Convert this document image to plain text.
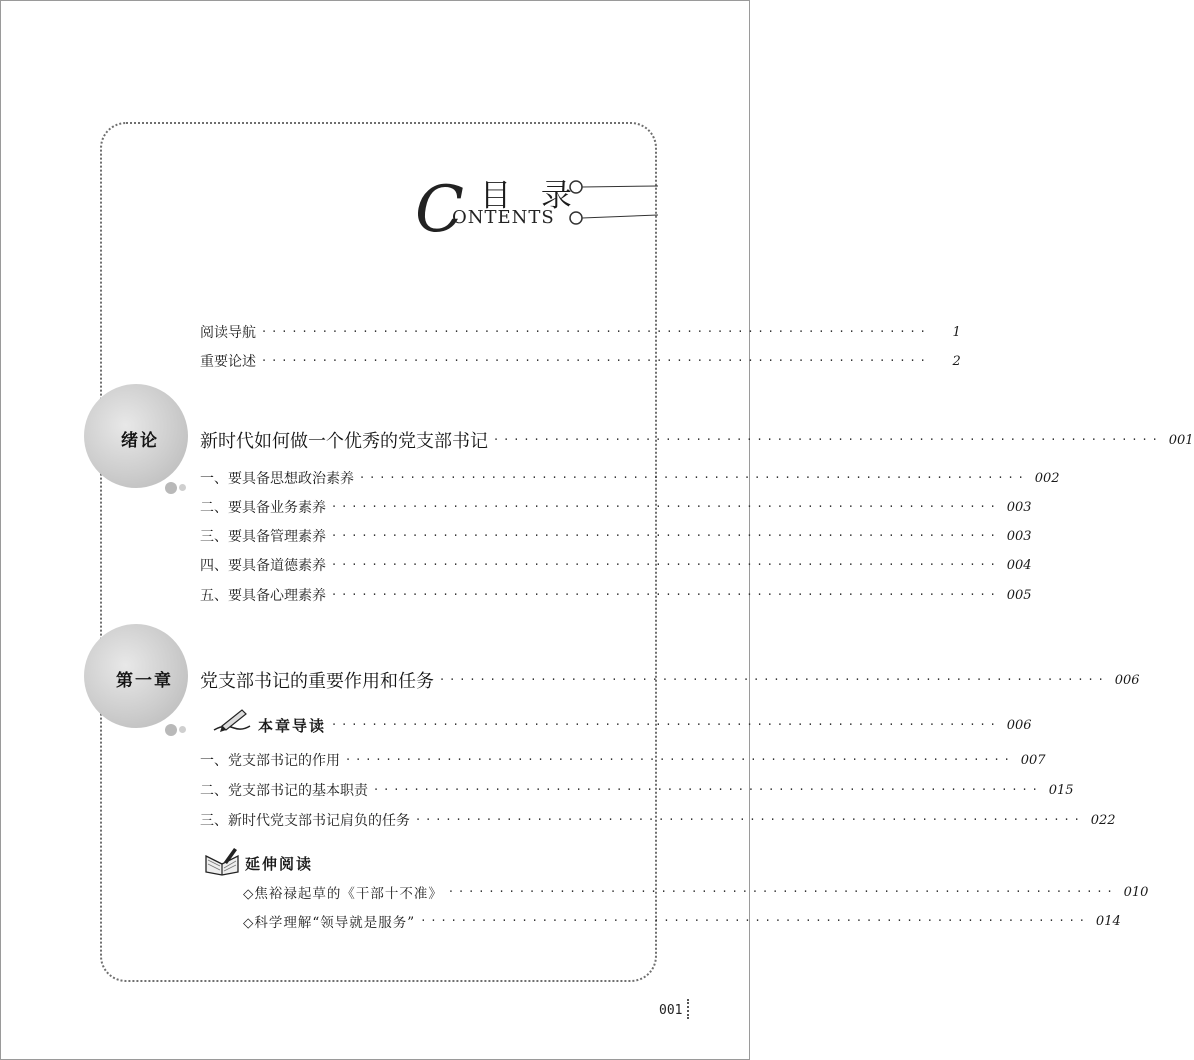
C 目 录
ONTENTS
阅读导航 ··································································	1
重要论述 ··································································	2
绪论 新时代如何做一个优秀的党支部书记 ·································································· 001
一、要具备思想政治素养 ·································································· 002
二、要具备业务素养 ·································································· 003
三、要具备管理素养 ·································································· 003
四、要具备道德素养 ·································································· 004
五、要具备心理素养 ·································································· 005
第一章 党支部书记的重要作用和任务 ·································································· 006
本章导读 ·································································· 006
一、党支部书记的作用 ·································································· 007
二、党支部书记的基本职责 ·································································· 015
三、新时代党支部书记肩负的任务 ·································································· 022
延伸阅读
◇焦裕禄起草的《干部十不准》 ·································································· 010
◇科学理解“领导就是服务” ·································································· 014
001
